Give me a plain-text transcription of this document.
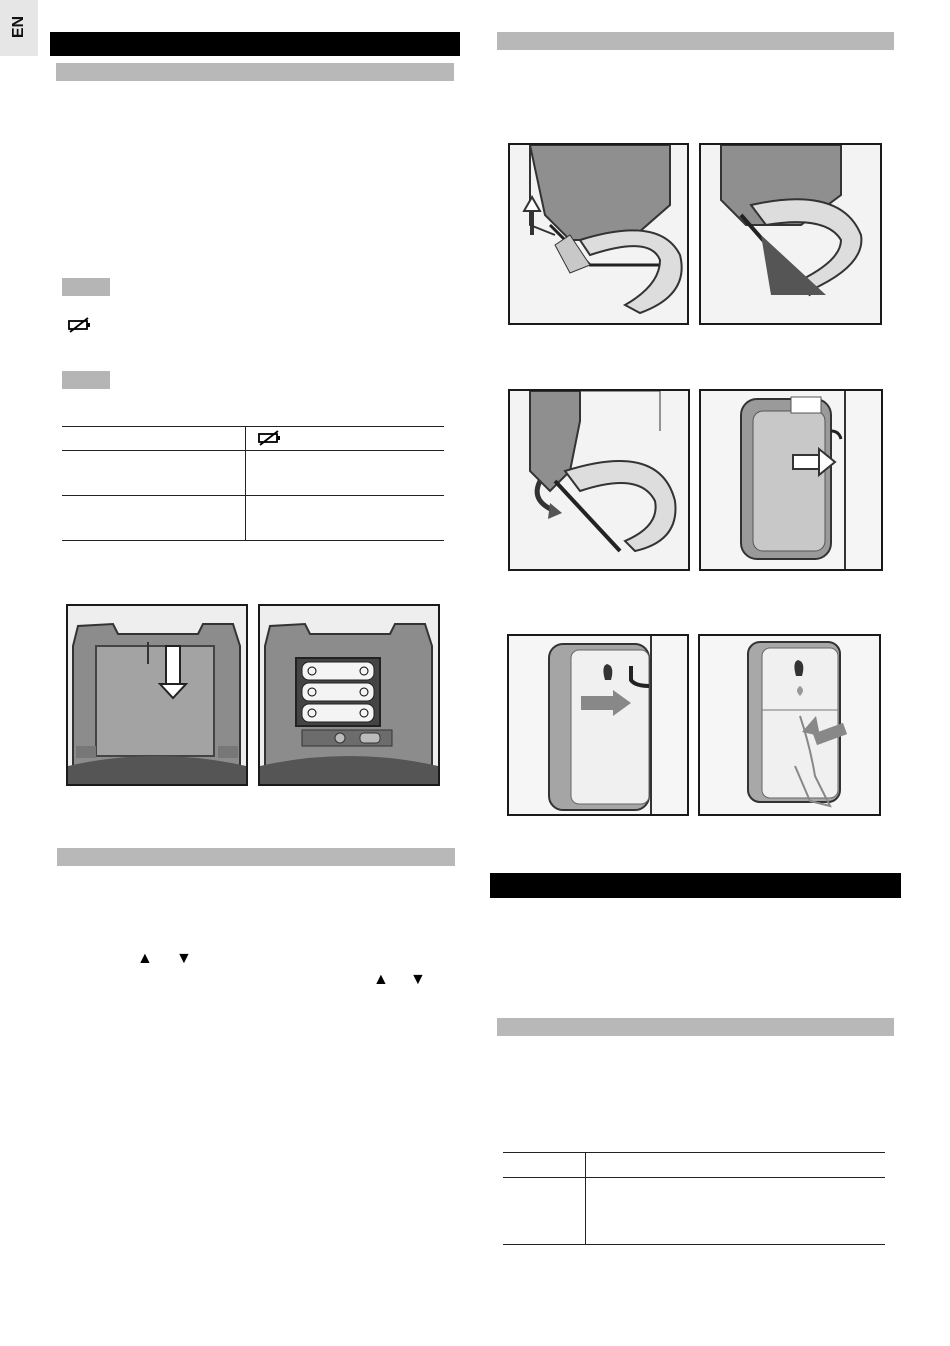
EN
▲ ▼
▲ ▼
